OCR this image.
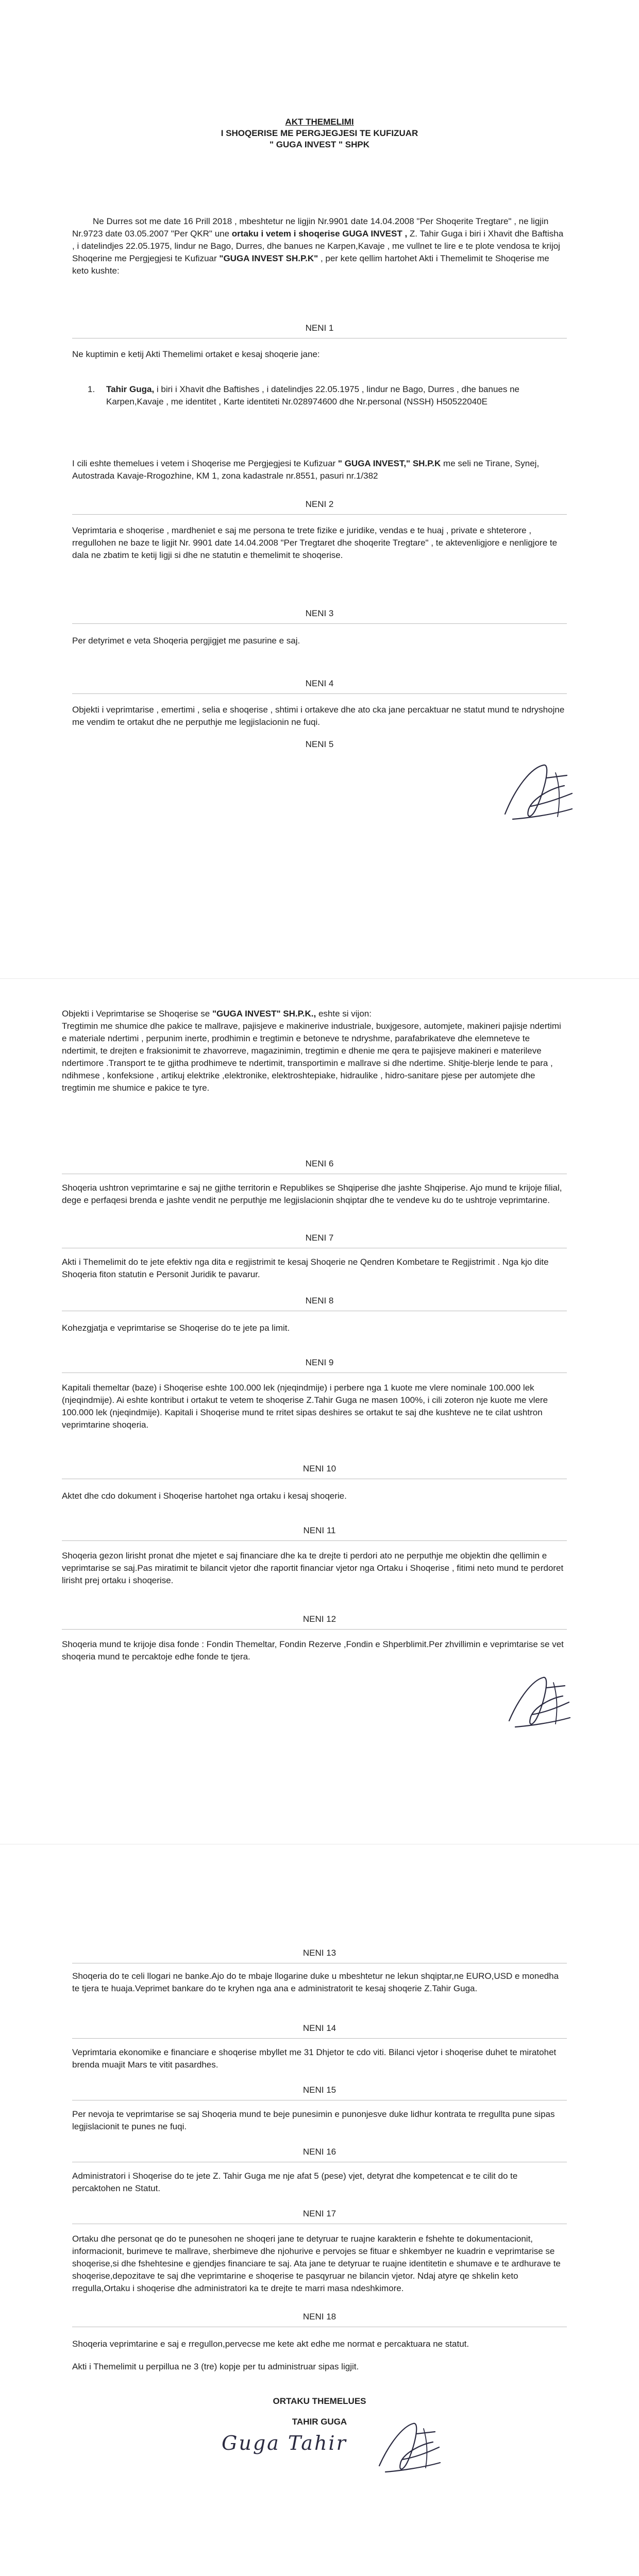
AKT THEMELIMI

I SHOQERISE ME PERGJEGJESI TE KUFIZUAR

" GUGA INVEST " SHPK

Ne Durres sot me date 16 Prill 2018 , mbeshtetur ne ligjin Nr.9901 date 14.04.2008 "Per Shoqerite Tregtare" , ne ligjin Nr.9723 date 03.05.2007 "Per QKR" une ortaku i vetem i shoqerise GUGA INVEST , Z. Tahir Guga i biri i Xhavit dhe Baftisha , i datelindjes 22.05.1975, lindur ne Bago, Durres, dhe banues ne Karpen,Kavaje , me vullnet te lire e te plote vendosa te krijoj Shoqerine me Pergjegjesi te Kufizuar "GUGA INVEST SH.P.K" , per kete qellim hartohet Akti i Themelimit te Shoqerise me keto kushte:

NENI 1

Ne kuptimin e ketij Akti Themelimi ortaket e kesaj shoqerie jane:

1. Tahir Guga, i biri i Xhavit dhe Baftishes , i datelindjes 22.05.1975 , lindur ne Bago, Durres , dhe banues ne Karpen,Kavaje , me identitet , Karte identiteti Nr.028974600 dhe Nr.personal (NSSH) H50522040E

I cili eshte themelues i vetem i Shoqerise me Pergjegjesi te Kufizuar " GUGA INVEST," SH.P.K me seli ne Tirane, Synej, Autostrada Kavaje-Rrogozhine, KM 1, zona kadastrale nr.8551, pasuri nr.1/382

NENI 2

Veprimtaria e shoqerise , mardheniet e saj me persona te trete fizike e juridike, vendas e te huaj , private e shteterore , rregullohen ne baze te ligjit Nr. 9901 date 14.04.2008 "Per Tregtaret dhe shoqerite Tregtare" , te aktevenligjore e nenligjore te dala ne zbatim te ketij ligji si dhe ne statutin e themelimit te shoqerise.

NENI 3

Per detyrimet e veta Shoqeria pergjigjet me pasurine e saj.

NENI 4

Objekti i veprimtarise , emertimi , selia e shoqerise , shtimi i ortakeve dhe ato cka jane percaktuar ne statut mund te ndryshojne me vendim te ortakut dhe ne perputhje me legjislacionin ne fuqi.

NENI 5

Objekti i Veprimtarise se Shoqerise se "GUGA INVEST" SH.P.K., eshte si vijon:

Tregtimin me shumice dhe pakice te mallrave, pajisjeve e makinerive industriale, buxjgesore, automjete, makineri pajisje ndertimi e materiale ndertimi , perpunim inerte, prodhimin e tregtimin e betoneve te ndryshme, parafabrikateve dhe elemneteve te ndertimit, te drejten e fraksionimit te zhavorreve, magazinimin, tregtimin e dhenie me qera te pajisjeve makineri e materileve ndertimore .Transport te te gjitha prodhimeve te ndertimit, transportimin e mallrave si dhe ndertime. Shitje-blerje lende te para , ndihmese , konfeksione , artikuj elektrike ,elektronike, elektroshtepiake, hidraulike , hidro-sanitare pjese per automjete dhe tregtimin me shumice e pakice te tyre.

NENI 6

Shoqeria ushtron veprimtarine e saj ne gjithe territorin e Republikes se Shqiperise dhe jashte Shqiperise. Ajo mund te krijoje filial, dege e perfaqesi brenda e jashte vendit ne perputhje me legjislacionin shqiptar dhe te vendeve ku do te ushtroje veprimtarine.

NENI 7

Akti i Themelimit do te jete efektiv nga dita e regjistrimit te kesaj Shoqerie ne Qendren Kombetare te Regjistrimit . Nga kjo dite Shoqeria fiton statutin e Personit Juridik te pavarur.

NENI 8

Kohezgjatja e veprimtarise se Shoqerise do te jete pa limit.

NENI 9

Kapitali themeltar (baze) i Shoqerise eshte 100.000 lek (njeqindmije) i perbere nga 1 kuote me vlere nominale 100.000 lek (njeqindmije). Ai eshte kontribut i ortakut te vetem te shoqerise Z.Tahir Guga ne masen 100%, i cili zoteron nje kuote me vlere 100.000 lek (njeqindmije). Kapitali i Shoqerise mund te rritet sipas deshires se ortakut te saj dhe kushteve ne te cilat ushtron veprimtarine shoqeria.

NENI 10

Aktet dhe cdo dokument i Shoqerise hartohet nga ortaku i kesaj shoqerie.

NENI 11

Shoqeria gezon lirisht pronat dhe mjetet e saj financiare dhe ka te drejte ti perdori ato ne perputhje me objektin dhe qellimin e veprimtarise se saj.Pas miratimit te bilancit vjetor dhe raportit financiar vjetor nga Ortaku i Shoqerise , fitimi neto mund te perdoret lirisht prej ortaku i shoqerise.

NENI 12

Shoqeria mund te krijoje disa fonde : Fondin Themeltar, Fondin Rezerve ,Fondin e Shperblimit.Per zhvillimin e veprimtarise se vet shoqeria mund te percaktoje edhe fonde te tjera.

NENI 13

Shoqeria do te celi llogari ne banke.Ajo do te mbaje llogarine duke u mbeshtetur ne lekun shqiptar,ne EURO,USD e monedha te tjera te huaja.Veprimet bankare do te kryhen nga ana e administratorit te kesaj shoqerie Z.Tahir Guga.

NENI 14

Veprimtaria ekonomike e financiare e shoqerise mbyllet me 31 Dhjetor te cdo viti. Bilanci vjetor i shoqerise duhet te miratohet brenda muajit Mars te vitit pasardhes.

NENI 15

Per nevoja te veprimtarise se saj Shoqeria mund te beje punesimin e punonjesve duke lidhur kontrata te rregullta pune sipas legjislacionit te punes ne fuqi.

NENI 16

Administratori i Shoqerise do te jete Z. Tahir Guga me nje afat 5 (pese) vjet, detyrat dhe kompetencat e te cilit do te percaktohen ne Statut.

NENI 17

Ortaku dhe personat qe do te punesohen ne shoqeri jane te detyruar te ruajne karakterin e fshehte te dokumentacionit, informacionit, burimeve te mallrave, sherbimeve dhe njohurive e pervojes se fituar e shkembyer ne kuadrin e veprimtarise se shoqerise,si dhe fshehtesine e gjendjes financiare te saj. Ata jane te detyruar te ruajne identitetin e shumave e te ardhurave te shoqerise,depozitave te saj dhe veprimtarine e shoqerise te pasqyruar ne bilancin vjetor. Ndaj atyre qe shkelin keto rregulla,Ortaku i shoqerise dhe administratori ka te drejte te marri masa ndeshkimore.

NENI 18

Shoqeria veprimtarine e saj e rregullon,pervecse me kete akt edhe me normat e percaktuara ne statut.

Akti i Themelimit u perpillua ne 3 (tre) kopje per tu administruar sipas ligjit.

ORTAKU THEMELUES

TAHIR GUGA

Guga Tahir
